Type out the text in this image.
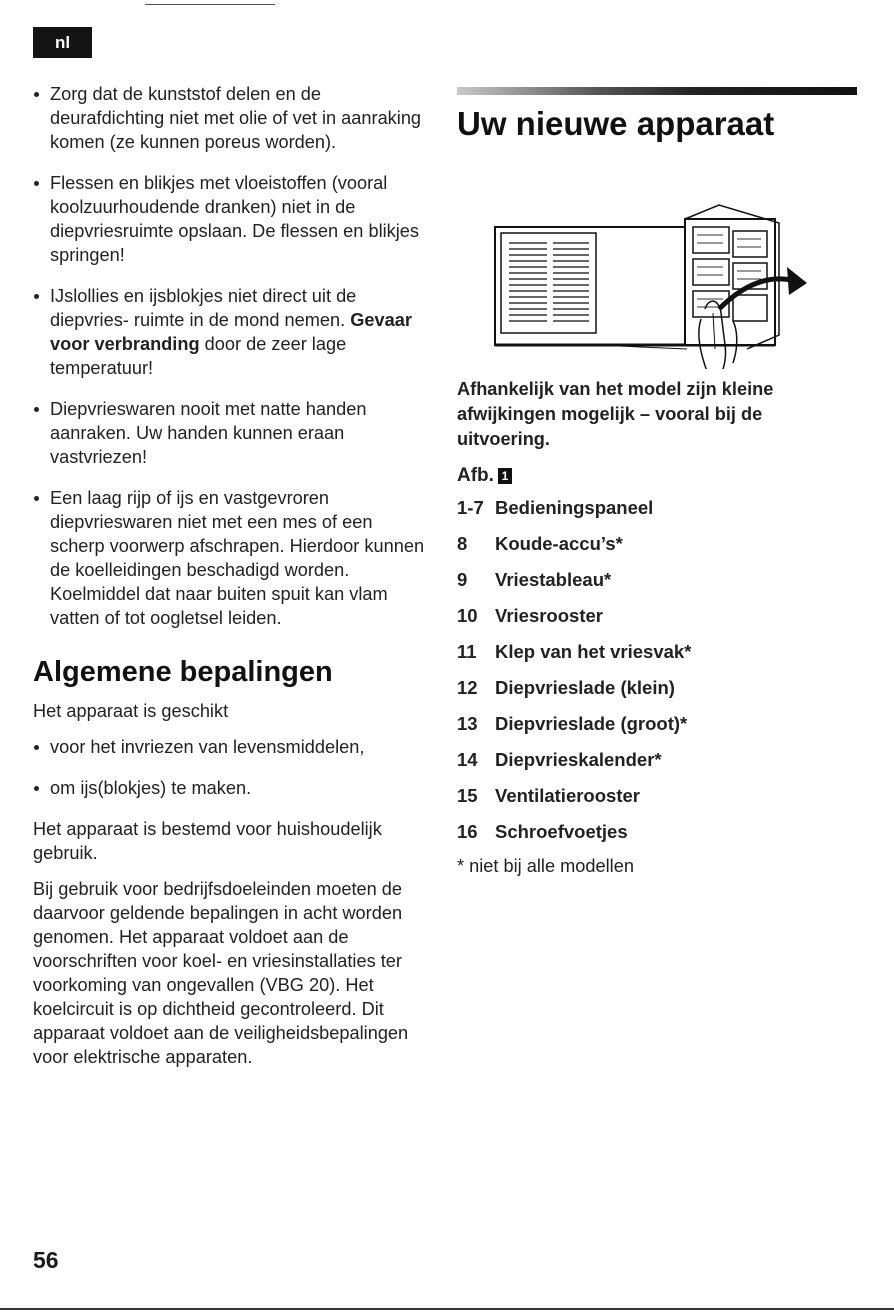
nl
Zorg dat de kunststof delen en de deurafdichting niet met olie of vet in aanraking komen (ze kunnen poreus worden).
Flessen en blikjes met vloeistoffen (vooral koolzuurhoudende dranken) niet in de diepvriesruimte opslaan. De flessen en blikjes springen!
IJslollies en ijsblokjes niet direct uit de diepvries- ruimte in de mond nemen. Gevaar voor verbranding door de zeer lage temperatuur!
Diepvrieswaren nooit met natte handen aanraken. Uw handen kunnen eraan vastvriezen!
Een laag rijp of ijs en vastgevroren diepvrieswaren niet met een mes of een scherp voorwerp afschrapen. Hierdoor kunnen de koelleidingen beschadigd worden. Koelmiddel dat naar buiten spuit kan vlam vatten of tot oogletsel leiden.
Algemene bepalingen

Het apparaat is geschikt

voor het invriezen van levensmiddelen,
om ijs(blokjes) te maken.

Het apparaat is bestemd voor huishoudelijk gebruik.

Bij gebruik voor bedrijfsdoeleinden moeten de daarvoor geldende bepalingen in acht worden genomen. Het apparaat voldoet aan de voorschriften voor koel- en vriesinstallaties ter voorkoming van ongevallen (VBG 20). Het koelcircuit is op dichtheid gecontroleerd. Dit apparaat voldoet aan de veiligheidsbepalingen voor elektrische apparaten.

Uw nieuwe apparaat

Afhankelijk van het model zijn kleine afwijkingen mogelijk – vooral bij de uitvoering.

Afb. 1
1-7 Bedieningspaneel
8	Koude-accu’s*
9	Vriestableau*
10 Vriesrooster
11 Klep van het vriesvak*
12 Diepvrieslade (klein)
13 Diepvrieslade (groot)*
14 Diepvrieskalender*
15 Ventilatierooster
16 Schroefvoetjes
* niet bij alle modellen
56
